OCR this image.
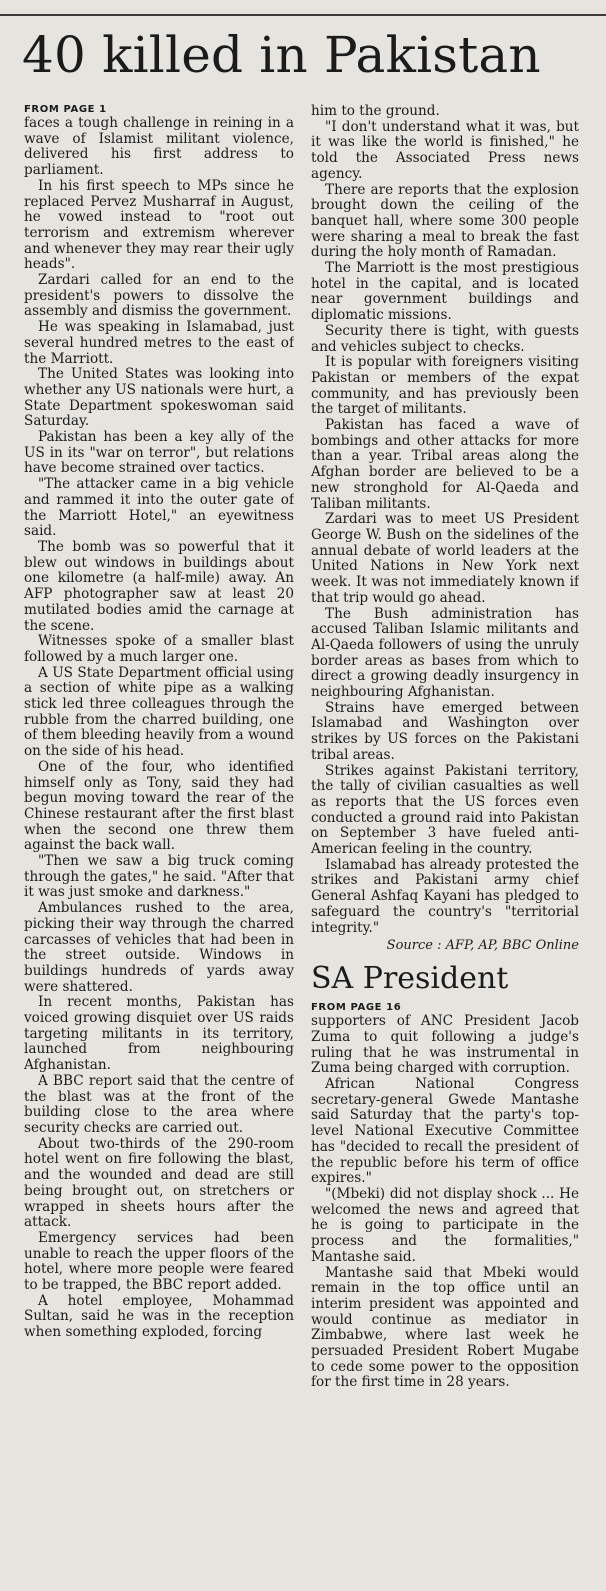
40 killed in Pakistan
FROM PAGE 1

faces a tough challenge in reining in a wave of Islamist militant violence, delivered his first address to parliament.

In his first speech to MPs since he replaced Pervez Musharraf in August, he vowed instead to "root out terrorism and extremism wherever and whenever they may rear their ugly heads".

Zardari called for an end to the president's powers to dissolve the assembly and dismiss the government.

He was speaking in Islamabad, just several hundred metres to the east of the Marriott.

The United States was looking into whether any US nationals were hurt, a State Department spokeswoman said Saturday.

Pakistan has been a key ally of the US in its "war on terror", but relations have become strained over tactics.

"The attacker came in a big vehicle and rammed it into the outer gate of the Marriott Hotel," an eyewitness said.

The bomb was so powerful that it blew out windows in buildings about one kilometre (a half-mile) away. An AFP photographer saw at least 20 mutilated bodies amid the carnage at the scene.

Witnesses spoke of a smaller blast followed by a much larger one.

A US State Department official using a section of white pipe as a walking stick led three colleagues through the rubble from the charred building, one of them bleeding heavily from a wound on the side of his head.

One of the four, who identified himself only as Tony, said they had begun moving toward the rear of the Chinese restaurant after the first blast when the second one threw them against the back wall.

"Then we saw a big truck coming through the gates," he said. "After that it was just smoke and darkness."

Ambulances rushed to the area, picking their way through the charred carcasses of vehicles that had been in the street outside. Windows in buildings hundreds of yards away were shattered.

In recent months, Pakistan has voiced growing disquiet over US raids targeting militants in its territory, launched from neighbouring Afghanistan.

A BBC report said that the centre of the blast was at the front of the building close to the area where security checks are carried out.

About two-thirds of the 290-room hotel went on fire following the blast, and the wounded and dead are still being brought out, on stretchers or wrapped in sheets hours after the attack.

Emergency services had been unable to reach the upper floors of the hotel, where more people were feared to be trapped, the BBC report added.

A hotel employee, Mohammad Sultan, said he was in the reception when something exploded, forcing

him to the ground.

"I don't understand what it was, but it was like the world is finished," he told the Associated Press news agency.

There are reports that the explosion brought down the ceiling of the banquet hall, where some 300 people were sharing a meal to break the fast during the holy month of Ramadan.

The Marriott is the most prestigious hotel in the capital, and is located near government buildings and diplomatic missions.

Security there is tight, with guests and vehicles subject to checks.

It is popular with foreigners visiting Pakistan or members of the expat community, and has previously been the target of militants.

Pakistan has faced a wave of bombings and other attacks for more than a year. Tribal areas along the Afghan border are believed to be a new stronghold for Al-Qaeda and Taliban militants.

Zardari was to meet US President George W. Bush on the sidelines of the annual debate of world leaders at the United Nations in New York next week. It was not immediately known if that trip would go ahead.

The Bush administration has accused Taliban Islamic militants and Al-Qaeda followers of using the unruly border areas as bases from which to direct a growing deadly insurgency in neighbouring Afghanistan.

Strains have emerged between Islamabad and Washington over strikes by US forces on the Pakistani tribal areas.

Strikes against Pakistani territory, the tally of civilian casualties as well as reports that the US forces even conducted a ground raid into Pakistan on September 3 have fueled anti-American feeling in the country.

Islamabad has already protested the strikes and Pakistani army chief General Ashfaq Kayani has pledged to safeguard the country's "territorial integrity."

Source : AFP, AP, BBC Online
SA President
FROM PAGE 16

supporters of ANC President Jacob Zuma to quit following a judge's ruling that he was instrumental in Zuma being charged with corruption.

African National Congress secretary-general Gwede Mantashe said Saturday that the party's top-level National Executive Committee has "decided to recall the president of the republic before his term of office expires."

"(Mbeki) did not display shock ... He welcomed the news and agreed that he is going to participate in the process and the formalities," Mantashe said.

Mantashe said that Mbeki would remain in the top office until an interim president was appointed and would continue as mediator in Zimbabwe, where last week he persuaded President Robert Mugabe to cede some power to the opposition for the first time in 28 years.
